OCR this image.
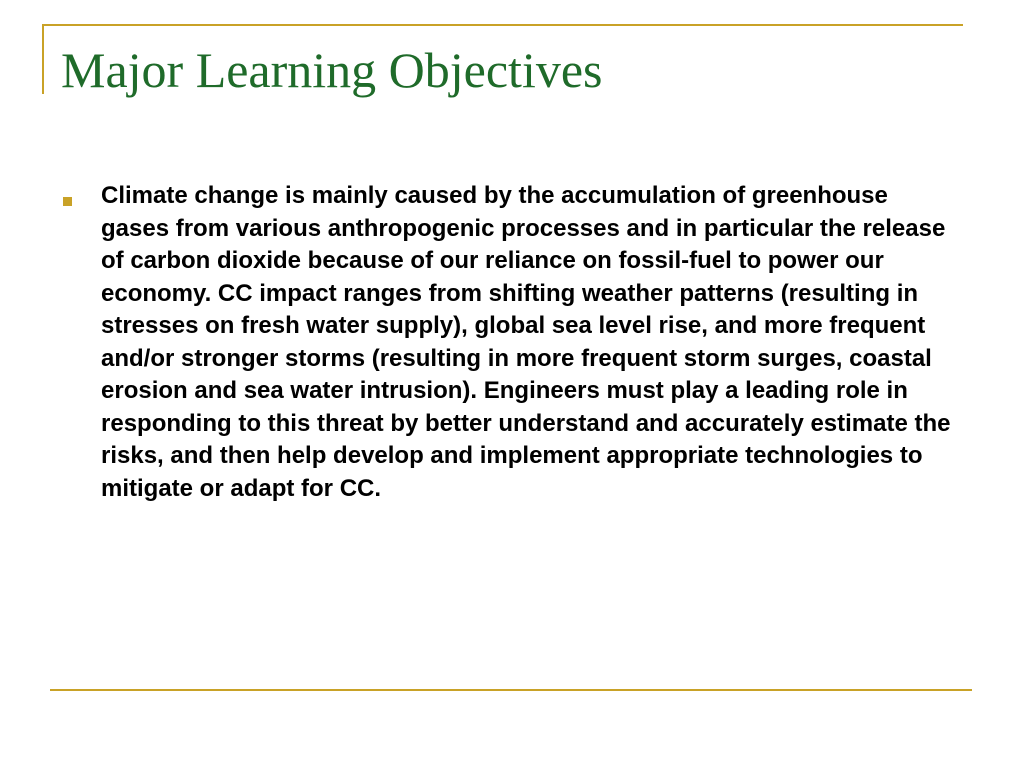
Major Learning Objectives
Climate change is mainly caused by the accumulation of greenhouse gases from various anthropogenic processes and in particular the release of carbon dioxide because of our reliance on fossil-fuel to power our economy. CC impact ranges from shifting weather patterns (resulting in stresses on fresh water supply), global sea level rise, and more frequent and/or stronger storms (resulting in more frequent storm surges, coastal erosion and sea water intrusion). Engineers must play a leading role in responding to this threat by better understand and accurately estimate the risks, and then help develop and implement appropriate technologies to mitigate or adapt for CC.
